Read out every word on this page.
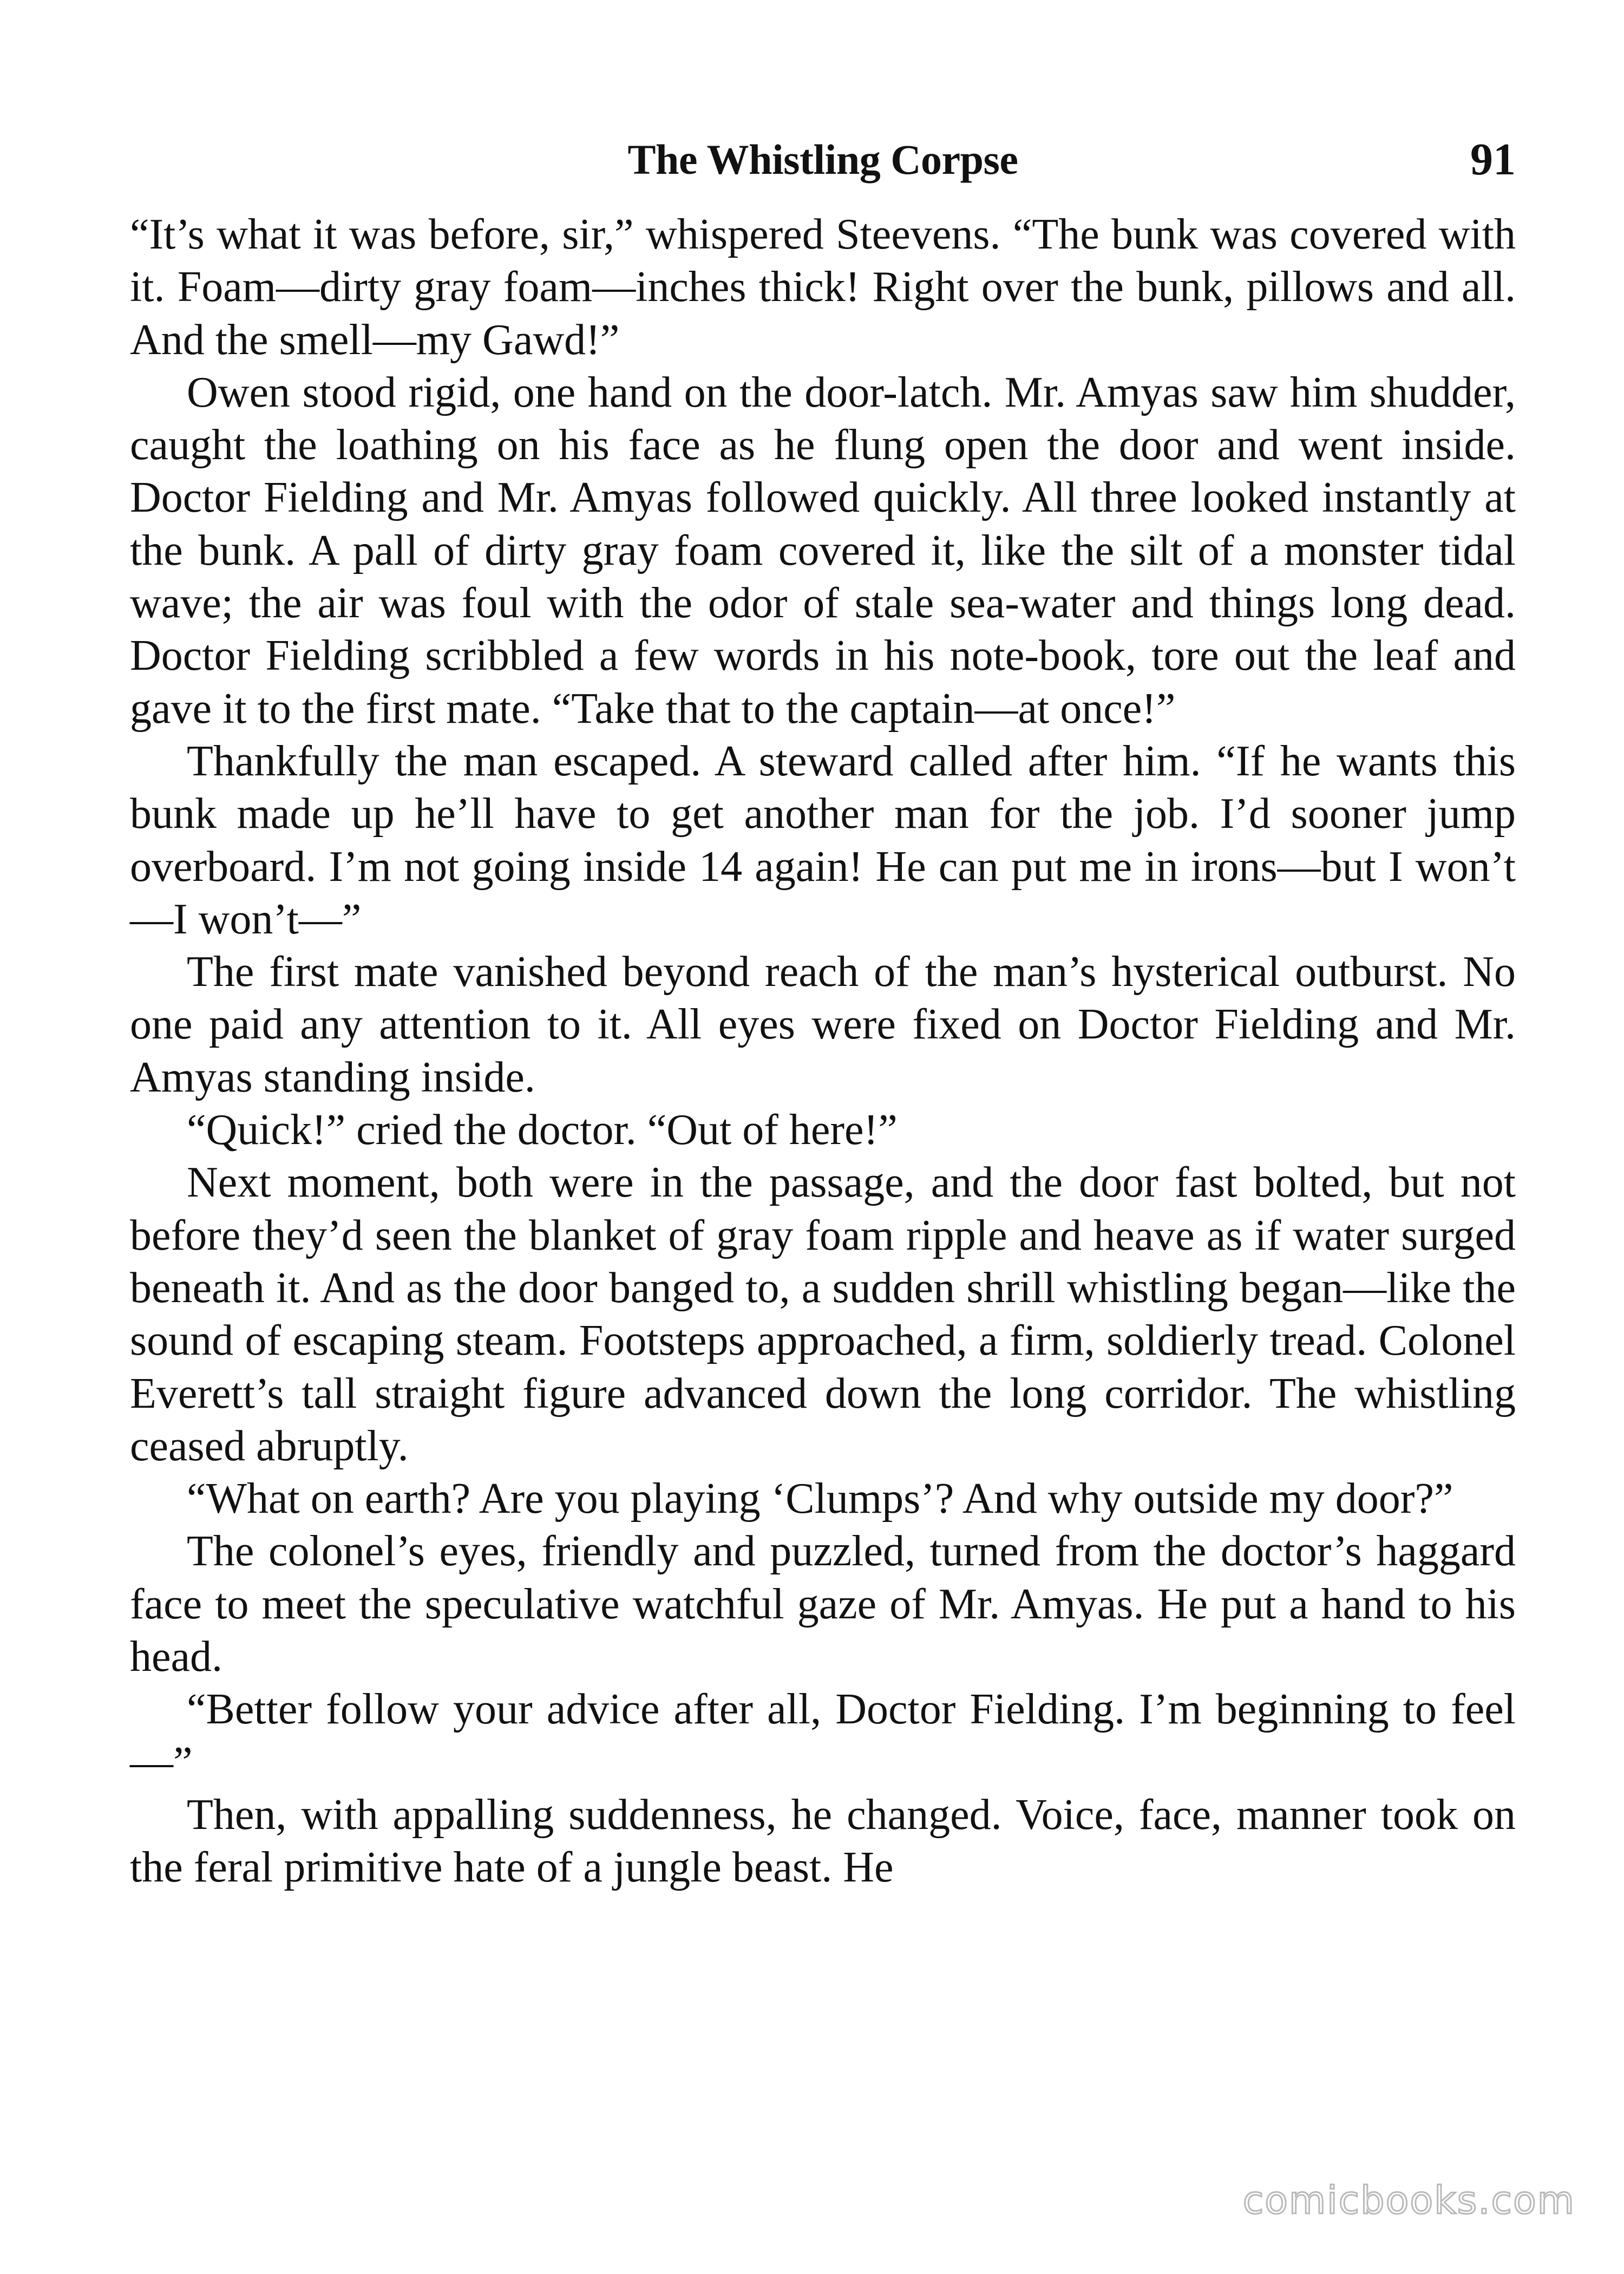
The Whistling Corpse	91

“It’s what it was before, sir,” whispered Steevens. “The bunk was covered with it. Foam—dirty gray foam—inches thick! Right over the bunk, pillows and all. And the smell—my Gawd!”

Owen stood rigid, one hand on the door-latch. Mr. Amyas saw him shudder, caught the loathing on his face as he flung open the door and went inside. Doctor Fielding and Mr. Amyas followed quickly. All three looked instantly at the bunk. A pall of dirty gray foam covered it, like the silt of a monster tidal wave; the air was foul with the odor of stale sea-water and things long dead. Doctor Fielding scribbled a few words in his note-book, tore out the leaf and gave it to the first mate. “Take that to the captain—at once!”

Thankfully the man escaped. A steward called after him. “If he wants this bunk made up he’ll have to get another man for the job. I’d sooner jump overboard. I’m not going inside 14 again! He can put me in irons—but I won’t—I won’t—”

The first mate vanished beyond reach of the man’s hysterical outburst. No one paid any attention to it. All eyes were fixed on Doctor Fielding and Mr. Amyas standing inside.

“Quick!” cried the doctor. “Out of here!”

Next moment, both were in the passage, and the door fast bolted, but not before they’d seen the blanket of gray foam ripple and heave as if water surged beneath it. And as the door banged to, a sudden shrill whistling began—like the sound of escaping steam. Footsteps approached, a firm, soldierly tread. Colonel Everett’s tall straight figure advanced down the long corridor. The whistling ceased abruptly.

“What on earth? Are you playing ‘Clumps’? And why outside my door?”

The colonel’s eyes, friendly and puzzled, turned from the doctor’s haggard face to meet the speculative watchful gaze of Mr. Amyas. He put a hand to his head.

“Better follow your advice after all, Doctor Fielding. I’m beginning to feel—”

Then, with appalling suddenness, he changed. Voice, face, manner took on the feral primitive hate of a jungle beast. He

comicbooks.com
